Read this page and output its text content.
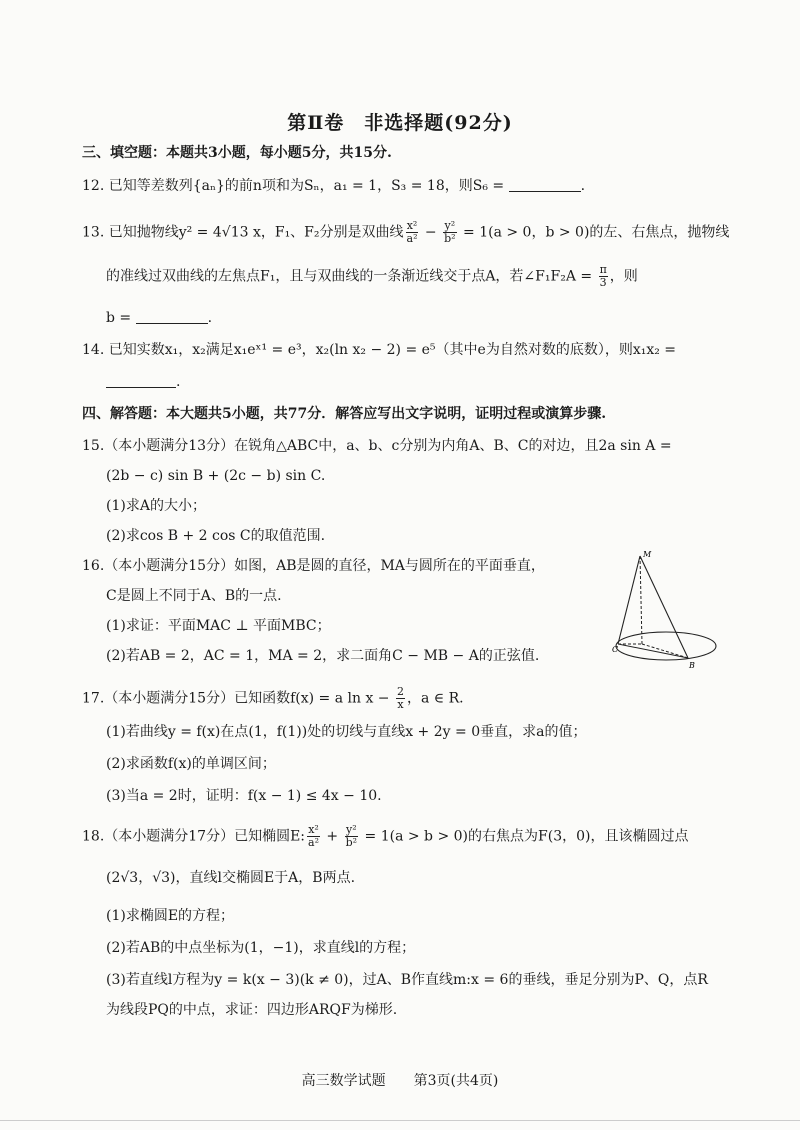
第Ⅱ卷　非选择题(92分)
三、填空题：本题共3小题，每小题5分，共15分.
12. 已知等差数列{aₙ}的前n项和为Sₙ，a₁ = 1，S₃ = 18，则S₆ =	.
13. 已知抛物线y² = 4√13 x，F₁、F₂分别是双曲线 $\frac{\text{x²}}{\text{a²}} - \frac{\text{y²}}{\text{b²}} = 1(a > 0$，b > 0)的左、右焦点，抛物线
的准线过双曲线的左焦点F₁，且与双曲线的一条渐近线交于点A，若∠F₁F₂A = $\frac{\pi}{3}$ ，则
b =	.
14. 已知实数x₁，x₂满足x₁eˣ¹ = e³，x₂(ln x₂ − 2) = e⁵（其中e为自然对数的底数），则x₁x₂ =
.
四、解答题：本大题共5小题，共77分．解答应写出文字说明，证明过程或演算步骤.
15.（本小题满分13分）在锐角△ABC中，a、b、c分别为内角A、B、C的对边，且2a sin A =
(2b − c) sin B + (2c − b) sin C.
(1)求A的大小；
(2)求cos B + 2 cos C的取值范围.
16.（本小题满分15分）如图，AB是圆的直径，MA与圆所在的平面垂直，
C是圆上不同于A、B的一点.
(1)求证：平面MAC ⊥ 平面MBC；
(2)若AB = 2，AC = 1，MA = 2，求二面角C − MB − A的正弦值.
M
C
B
17.（本小题满分15分）已知函数f(x) = a $\ln x - \frac{2}{x}$ ，a ∈ R.
(1)若曲线y = f(x)在点(1，f(1))处的切线与直线x + 2y = 0垂直，求a的值；
(2)求函数f(x)的单调区间；
(3)当a = 2时，证明：f(x − 1) ≤ 4x − 10.
18.（本小题满分17分）已知椭圆E: $\frac{\text{x²}}{\text{a²}} + \frac{\text{y²}}{\text{b²}} = 1(a > b > 0)$的右焦点为F(3，0)，且该椭圆过点
(2√3，√3)，直线l交椭圆E于A，B两点.
(1)求椭圆E的方程；
(2)若AB的中点坐标为(1，−1)，求直线l的方程；
(3)若直线l方程为y = k(x − 3)(k ≠ 0)，过A、B作直线m:x = 6的垂线，垂足分别为P、Q，点R
为线段PQ的中点，求证：四边形ARQF为梯形.
高三数学试题　　第3页(共4页)
